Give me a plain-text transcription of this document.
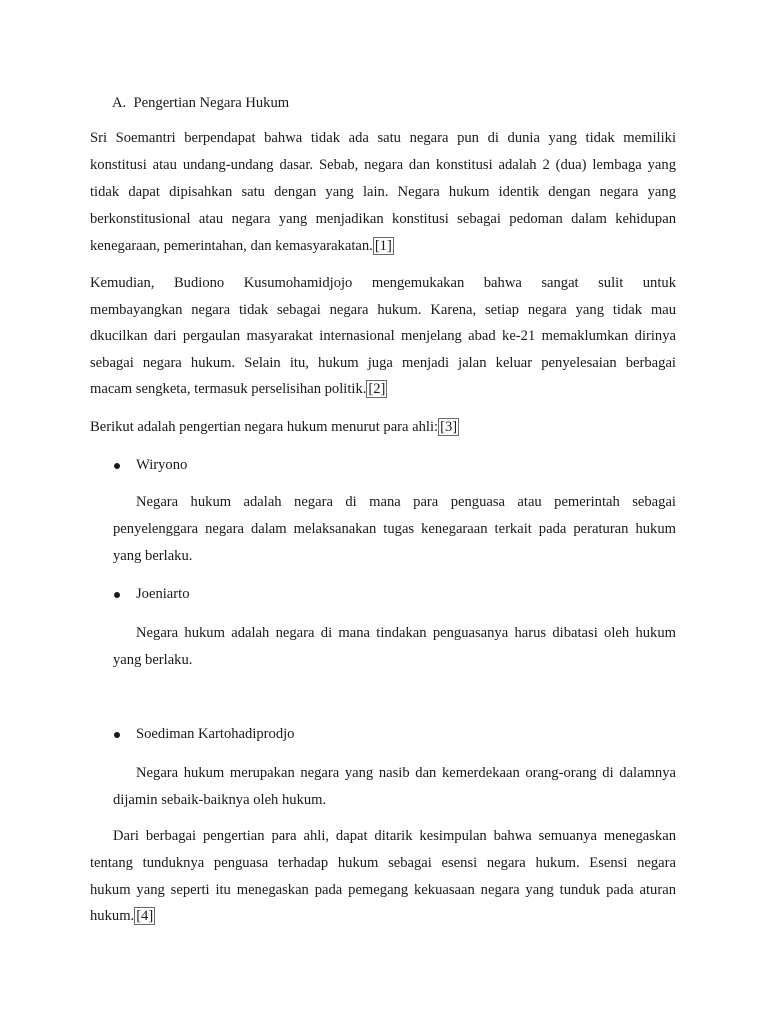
A. Pengertian Negara Hukum
Sri Soemantri berpendapat bahwa tidak ada satu negara pun di dunia yang tidak memiliki
konstitusi atau undang-undang dasar. Sebab, negara dan konstitusi adalah 2 (dua) lembaga yang
tidak dapat dipisahkan satu dengan yang lain. Negara hukum identik dengan negara yang
berkonstitusional atau negara yang menjadikan konstitusi sebagai pedoman dalam kehidupan
kenegaraan, pemerintahan, dan kemasyarakatan. [1]
Kemudian, Budiono Kusumohamidjojo mengemukakan bahwa sangat sulit untuk
membayangkan negara tidak sebagai negara hukum. Karena, setiap negara yang tidak mau
dkucilkan dari pergaulan masyarakat internasional menjelang abad ke-21 memaklumkan dirinya
sebagai negara hukum. Selain itu, hukum juga menjadi jalan keluar penyelesaian berbagai
macam sengketa, termasuk perselisihan politik. [2]
Berikut adalah pengertian negara hukum menurut para ahli: [3]
Wiryono
Negara hukum adalah negara di mana para penguasa atau pemerintah sebagai
penyelenggara negara dalam melaksanakan tugas kenegaraan terkait pada peraturan hukum
yang berlaku.
Joeniarto
Negara hukum adalah negara di mana tindakan penguasanya harus dibatasi oleh hukum
yang berlaku.
Soediman Kartohadiprodjo
Negara hukum merupakan negara yang nasib dan kemerdekaan orang-orang di dalamnya
dijamin sebaik-baiknya oleh hukum.
Dari berbagai pengertian para ahli, dapat ditarik kesimpulan bahwa semuanya menegaskan
tentang tunduknya penguasa terhadap hukum sebagai esensi negara hukum. Esensi negara
hukum yang seperti itu menegaskan pada pemegang kekuasaan negara yang tunduk pada aturan
hukum. [4]
